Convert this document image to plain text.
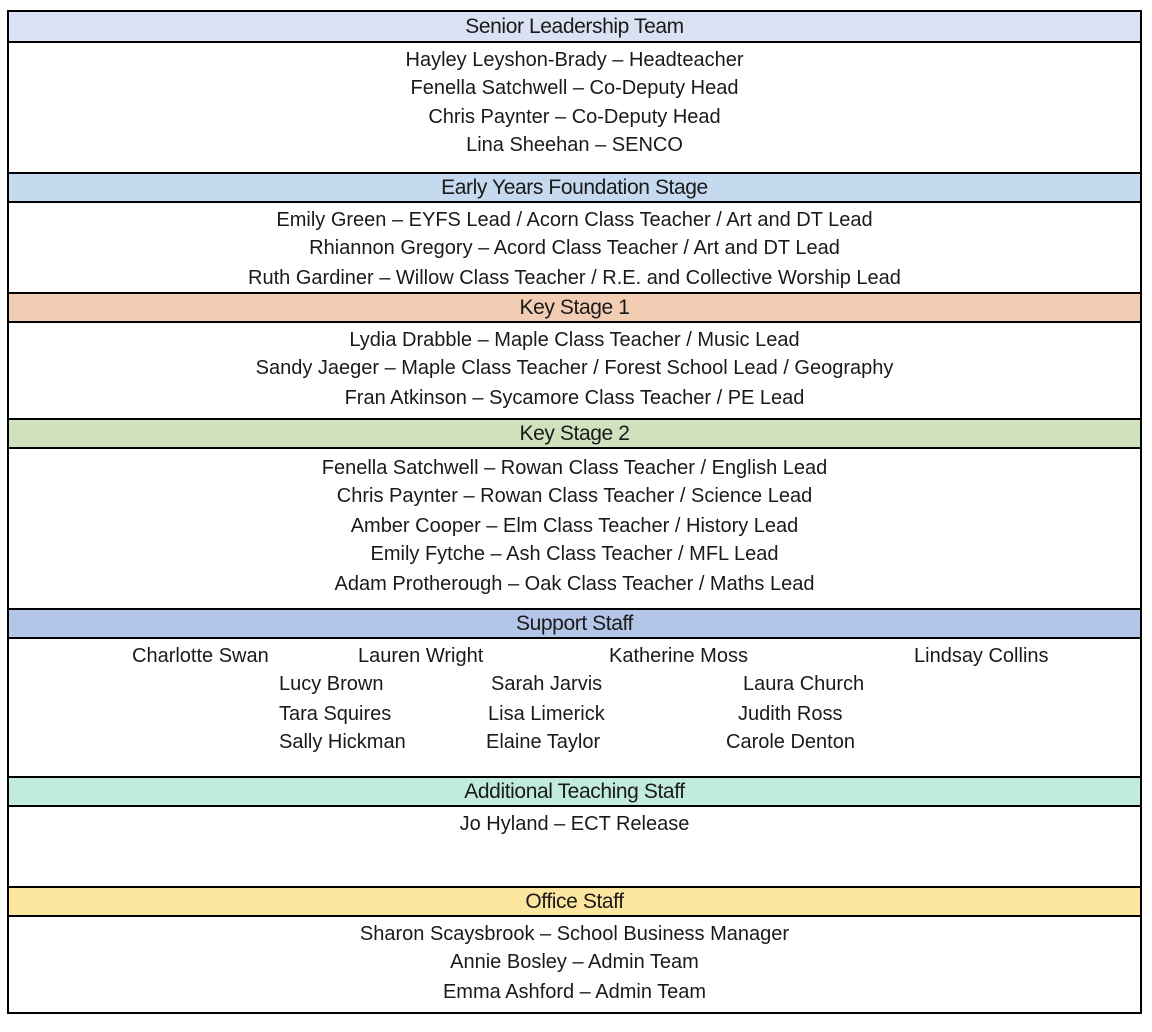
Senior Leadership Team
Hayley Leyshon-Brady – Headteacher
Fenella Satchwell – Co-Deputy Head
Chris Paynter – Co-Deputy Head
Lina Sheehan – SENCO
Early Years Foundation Stage
Emily Green – EYFS Lead / Acorn Class Teacher / Art and DT Lead
Rhiannon Gregory – Acord Class Teacher / Art and DT Lead
Ruth Gardiner – Willow Class Teacher / R.E. and Collective Worship Lead
Key Stage 1
Lydia Drabble – Maple Class Teacher / Music Lead
Sandy Jaeger – Maple Class Teacher / Forest School Lead / Geography
Fran Atkinson – Sycamore Class Teacher / PE Lead
Key Stage 2
Fenella Satchwell – Rowan Class Teacher / English Lead
Chris Paynter – Rowan Class Teacher / Science Lead
Amber Cooper – Elm Class Teacher / History Lead
Emily Fytche – Ash Class Teacher / MFL Lead
Adam Protherough – Oak Class Teacher / Maths Lead
Support Staff
Charlotte Swan	Lauren Wright	Katherine Moss	Lindsay Collins
Lucy Brown	Sarah Jarvis	Laura Church
Tara Squires	Lisa Limerick	Judith Ross
Sally Hickman	Elaine Taylor	Carole Denton
Additional Teaching Staff
Jo Hyland – ECT Release
Office Staff
Sharon Scaysbrook – School Business Manager
Annie Bosley – Admin Team
Emma Ashford – Admin Team
